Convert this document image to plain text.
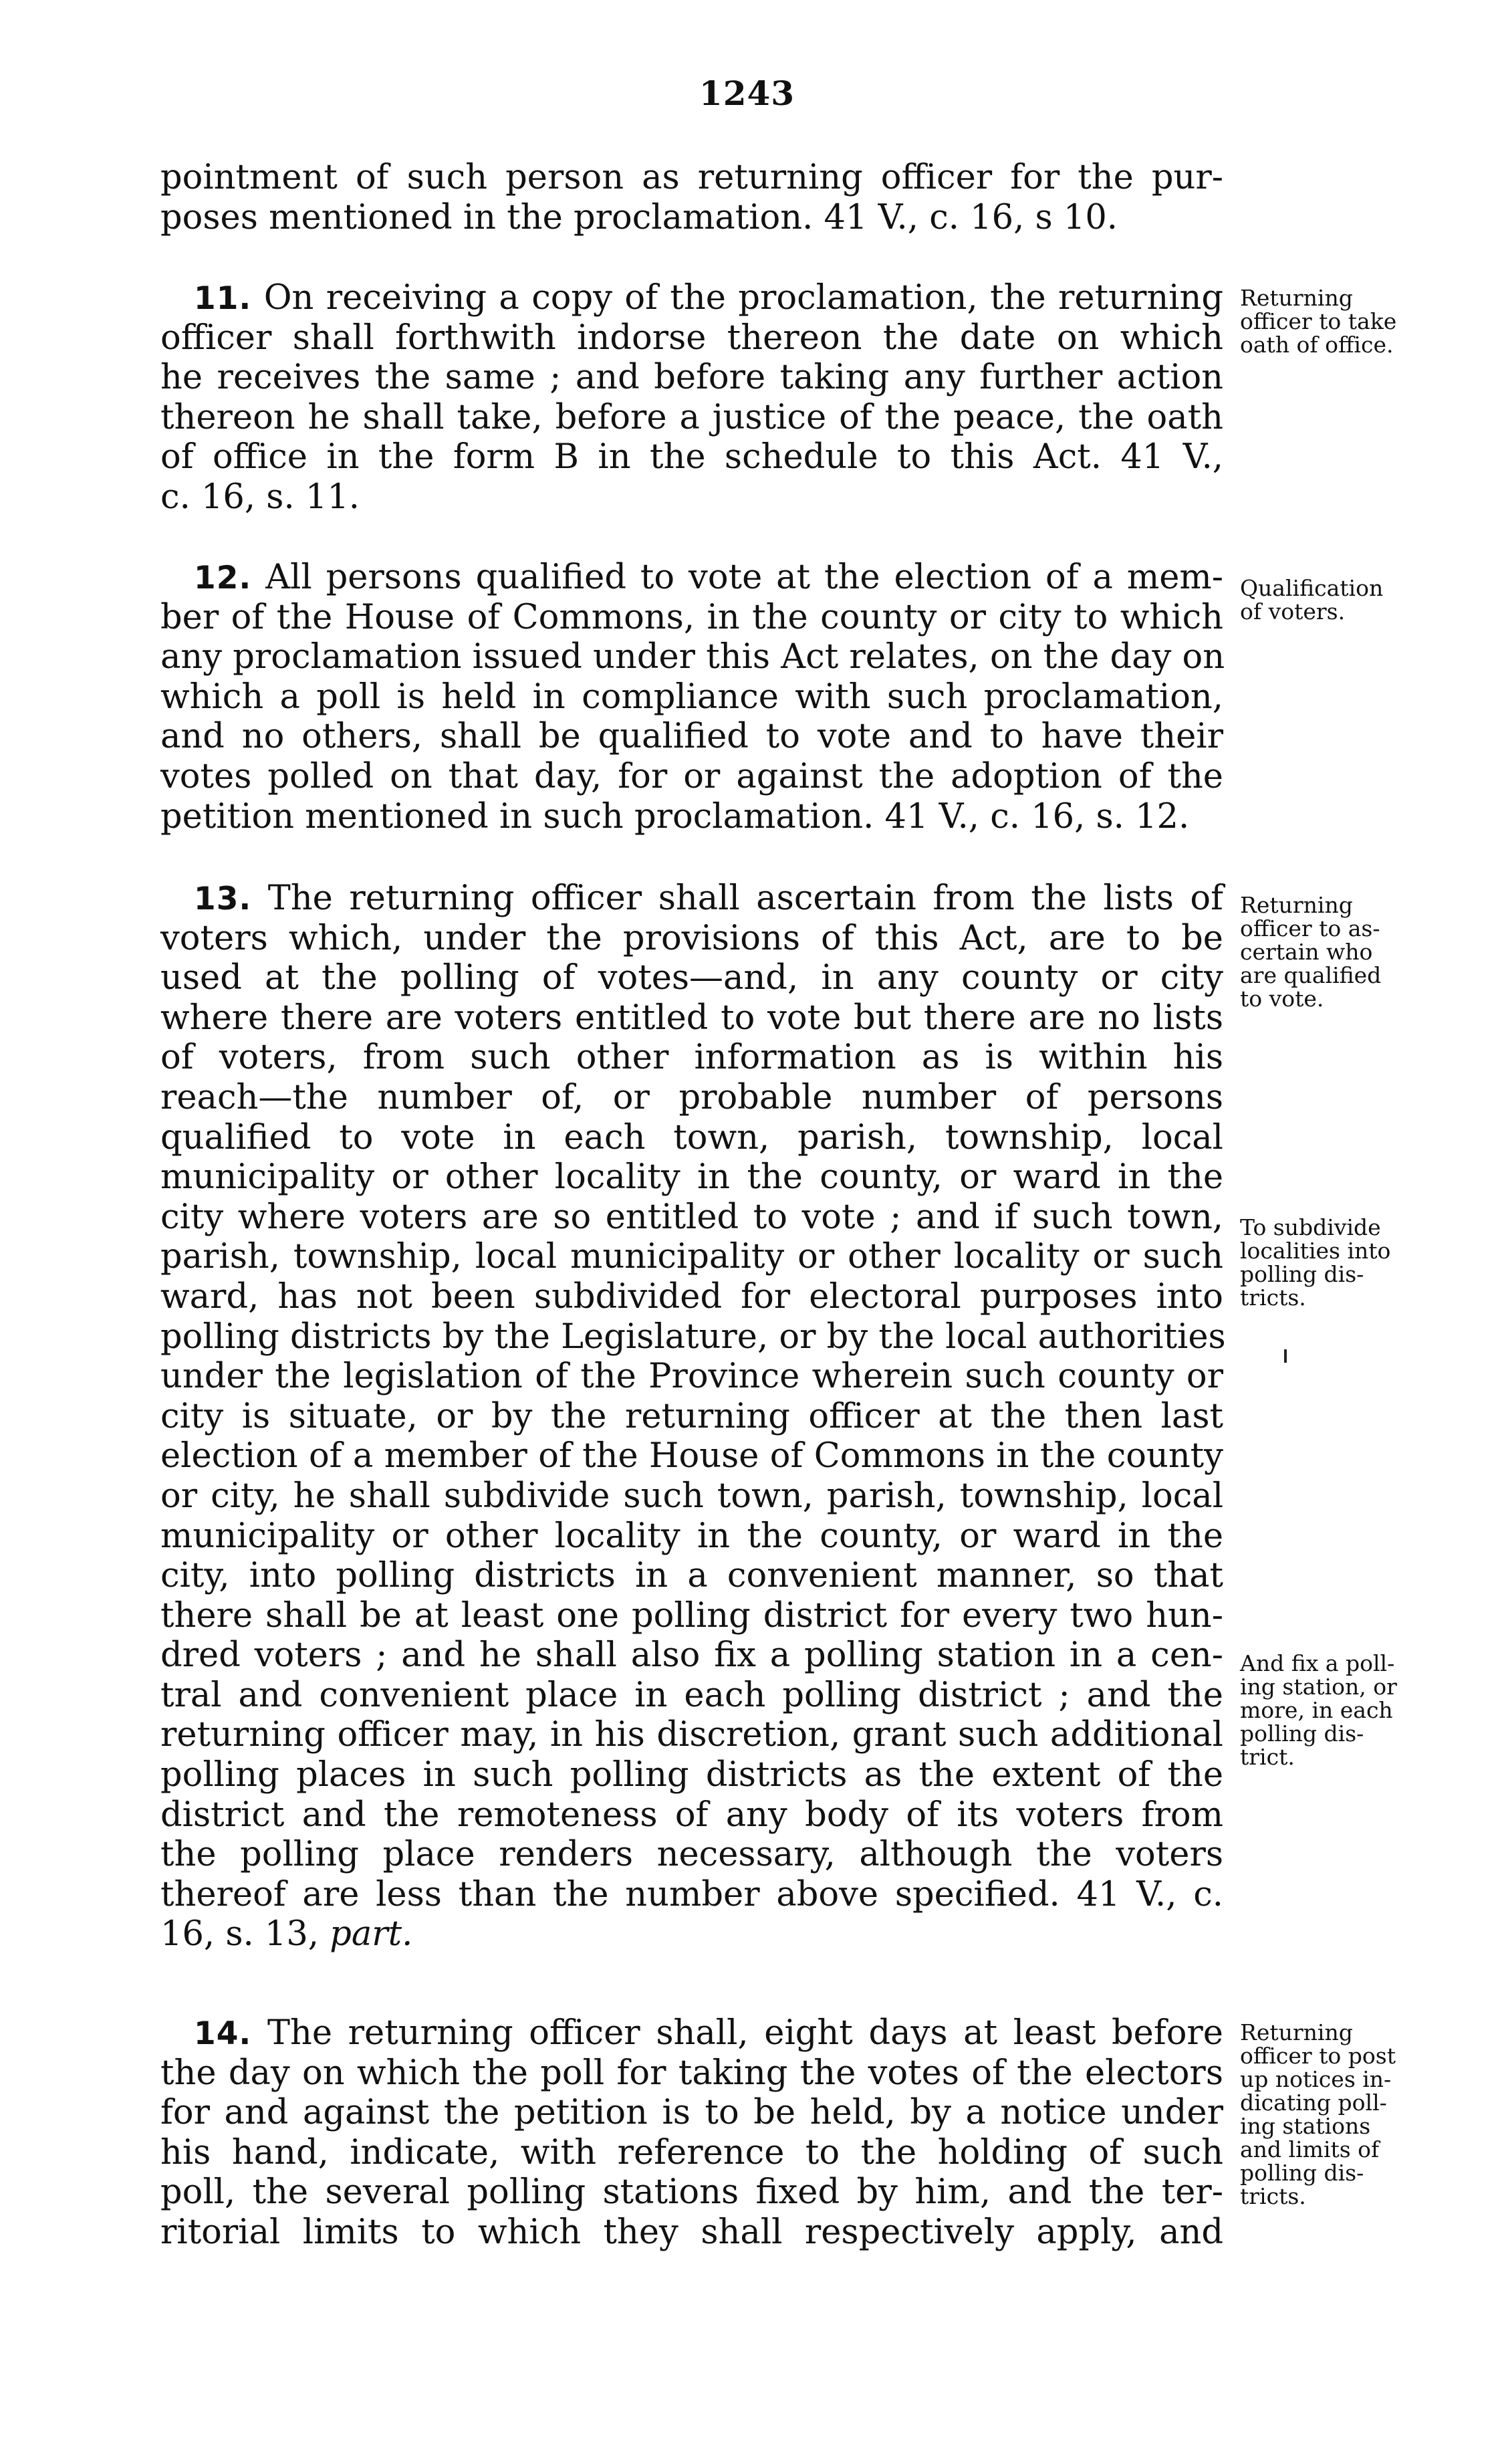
1243
pointment of such person as returning officer for the pur-
poses mentioned in the proclamation. 41 V., c. 16, s 10.
11. On receiving a copy of the proclamation, the returning
officer shall forthwith indorse thereon the date on which
he receives the same ; and before taking any further action
thereon he shall take, before a justice of the peace, the oath
of office in the form B in the schedule to this Act. 41 V.,
c. 16, s. 11.
Returning
officer to take
oath of office.
12. All persons qualified to vote at the election of a mem-
ber of the House of Commons, in the county or city to which
any proclamation issued under this Act relates, on the day on
which a poll is held in compliance with such proclamation,
and no others, shall be qualified to vote and to have their
votes polled on that day, for or against the adoption of the
petition mentioned in such proclamation. 41 V., c. 16, s. 12.
Qualification
of voters.
13. The returning officer shall ascertain from the lists of
voters which, under the provisions of this Act, are to be
used at the polling of votes—and, in any county or city
where there are voters entitled to vote but there are no lists
of voters, from such other information as is within his
reach—the number of, or probable number of persons
qualified to vote in each town, parish, township, local
municipality or other locality in the county, or ward in the
city where voters are so entitled to vote ; and if such town,
parish, township, local municipality or other locality or such
ward, has not been subdivided for electoral purposes into
polling districts by the Legislature, or by the local authorities
under the legislation of the Province wherein such county or
city is situate, or by the returning officer at the then last
election of a member of the House of Commons in the county
or city, he shall subdivide such town, parish, township, local
municipality or other locality in the county, or ward in the
city, into polling districts in a convenient manner, so that
there shall be at least one polling district for every two hun-
dred voters ; and he shall also fix a polling station in a cen-
tral and convenient place in each polling district ; and the
returning officer may, in his discretion, grant such additional
polling places in such polling districts as the extent of the
district and the remoteness of any body of its voters from
the polling place renders necessary, although the voters
thereof are less than the number above specified. 41 V., c.
16, s. 13, part.
Returning
officer to as-
certain who
are qualified
to vote.
To subdivide
localities into
polling dis-
tricts.
And fix a poll-
ing station, or
more, in each
polling dis-
trict.
14. The returning officer shall, eight days at least before
the day on which the poll for taking the votes of the electors
for and against the petition is to be held, by a notice under
his hand, indicate, with reference to the holding of such
poll, the several polling stations fixed by him, and the ter-
ritorial limits to which they shall respectively apply, and
Returning
officer to post
up notices in-
dicating poll-
ing stations
and limits of
polling dis-
tricts.
